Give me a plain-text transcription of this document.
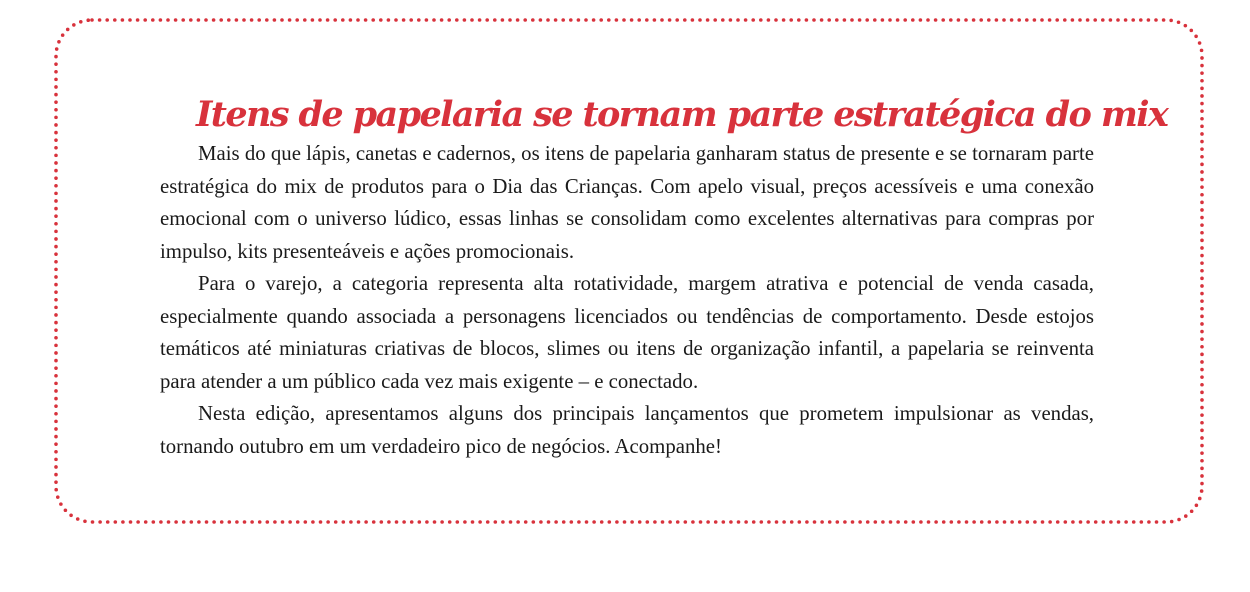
Itens de papelaria se tornam parte estratégica do mix

Mais do que lápis, canetas e cadernos, os itens de papelaria ganharam status de presente e se tornaram parte estratégica do mix de produtos para o Dia das Crianças. Com apelo visual, preços acessíveis e uma conexão emocional com o universo lúdico, essas linhas se consolidam como excelentes alternativas para compras por impulso, kits presenteáveis e ações promocionais.

Para o varejo, a categoria representa alta rotatividade, margem atrativa e potencial de venda casada, especialmente quando associada a personagens licenciados ou tendências de comportamento. Desde estojos temáticos até miniaturas criativas de blocos, slimes ou itens de organização infantil, a papelaria se reinventa para atender a um público cada vez mais exigente – e conectado.

Nesta edição, apresentamos alguns dos principais lançamentos que prometem impulsionar as vendas, tornando outubro em um verdadeiro pico de negócios. Acompanhe!
